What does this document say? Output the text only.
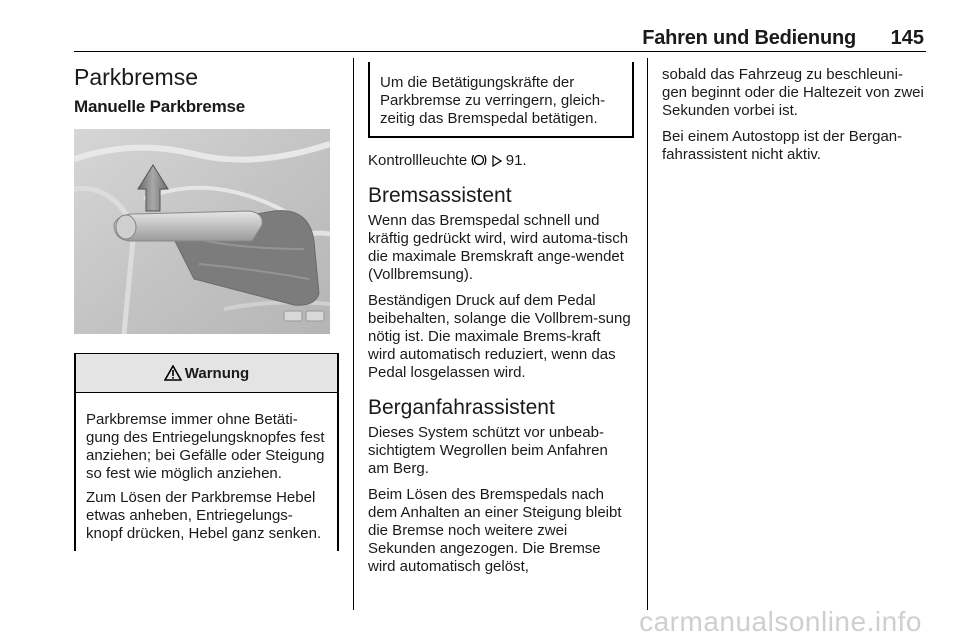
Fahren und Bedienung 145
Parkbremse
Manuelle Parkbremse
Warnung

Parkbremse immer ohne Betäti-gung des Entriegelungsknopfes fest anziehen; bei Gefälle oder Steigung so fest wie möglich anziehen.

Zum Lösen der Parkbremse Hebel etwas anheben, Entriegelungs-knopf drücken, Hebel ganz senken.

Um die Betätigungskräfte der Parkbremse zu verringern, gleich-zeitig das Bremspedal betätigen.

Kontrollleuchte	91.

Bremsassistent

Wenn das Bremspedal schnell und kräftig gedrückt wird, wird automa-tisch die maximale Bremskraft ange-wendet (Vollbremsung).

Beständigen Druck auf dem Pedal beibehalten, solange die Vollbrem-sung nötig ist. Die maximale Brems-kraft wird automatisch reduziert, wenn das Pedal losgelassen wird.

Berganfahrassistent

Dieses System schützt vor unbeab-sichtigtem Wegrollen beim Anfahren am Berg.

Beim Lösen des Bremspedals nach dem Anhalten an einer Steigung bleibt die Bremse noch weitere zwei Sekunden angezogen. Die Bremse wird automatisch gelöst,

sobald das Fahrzeug zu beschleuni-gen beginnt oder die Haltezeit von zwei Sekunden vorbei ist.

Bei einem Autostopp ist der Bergan-fahrassistent nicht aktiv.

carmanualsonline.info
